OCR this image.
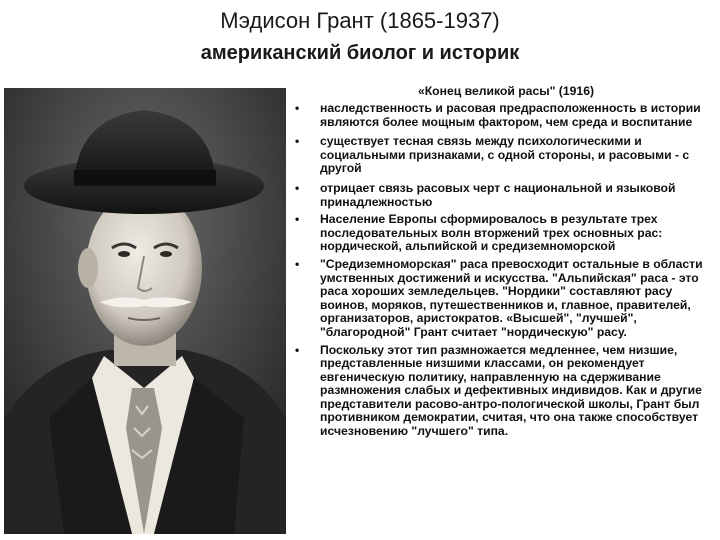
Мэдисон Грант (1865-1937)
американский биолог и историк
«Конец великой расы" (1916)
• наследственность и расовая предрасположенность в истории являются более мощным фактором, чем среда и воспитание
• существует тесная связь между психологическими и социальными признаками, с одной стороны, и расовыми - с другой
• отрицает связь расовых черт с национальной и языковой принадлежностью
• Население Европы сформировалось в результате трех последовательных волн вторжений трех основных рас: нордической, альпийской и средиземноморской
• "Средиземноморская" раса превосходит остальные в области умственных достижений и искусства. "Альпийская" раса - это раса хороших земледельцев. "Нордики" составляют расу воинов, моряков, путешественников и, главное, правителей, организаторов, аристократов. «Высшей", "лучшей", "благородной" Грант считает "нордическую" расу.
• Поскольку этот тип размножается медленнее, чем низшие, представленные низшими классами, он рекомендует евгеническую политику, направленную на сдерживание размножения слабых и дефективных индивидов. Как и другие представители расово-антро-пологической школы, Грант был противником демократии, считая, что она также способствует исчезновению "лучшего" типа.
